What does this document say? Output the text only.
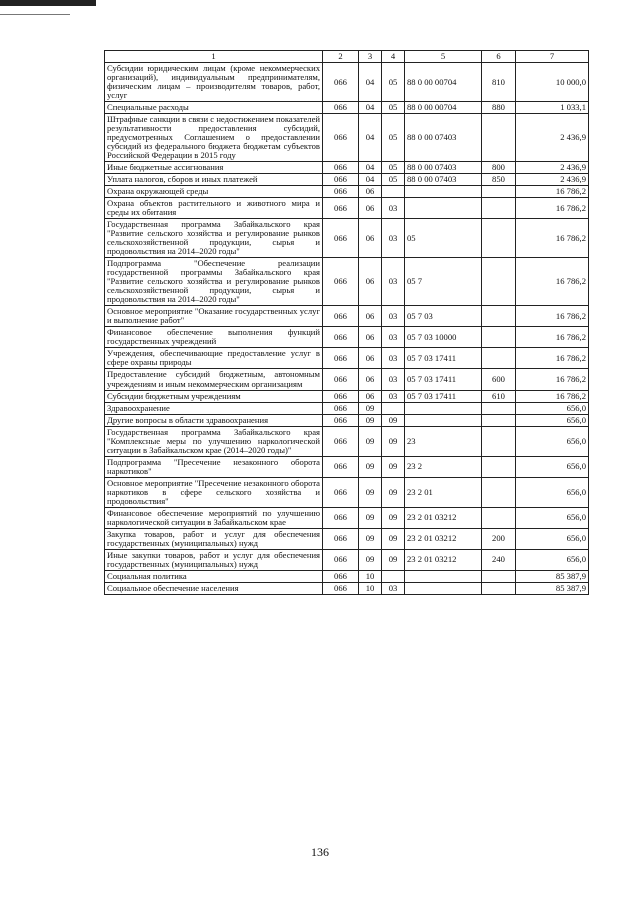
1	2	3	4	5	6	7
Субсидии юридическим лицам (кроме некоммерческих организаций), индивидуальным предпринимателям, физическим лицам – производителям товаров, работ, услуг	066	04	05	88 0 00 00704	810	10 000,0
Специальные расходы	066	04	05	88 0 00 00704	880	1 033,1
Штрафные санкции в связи с недостижением показателей результативности предоставления субсидий, предусмотренных Соглашением о предоставлении субсидий из федерального бюджета бюджетам субъектов Российской Федерации в 2015 году	066	04	05	88 0 00 07403		2 436,9
Иные бюджетные ассигнования	066	04	05	88 0 00 07403	800	2 436,9
Уплата налогов, сборов и иных платежей	066	04	05	88 0 00 07403	850	2 436,9
Охрана окружающей среды	066	06				16 786,2
Охрана объектов растительного и животного мира и среды их обитания	066	06	03			16 786,2
Государственная программа Забайкальского края "Развитие сельского хозяйства и регулирование рынков сельскохозяйственной продукции, сырья и продовольствия на 2014–2020 годы"	066	06	03	05		16 786,2
Подпрограмма "Обеспечение реализации государственной программы Забайкальского края "Развитие сельского хозяйства и регулирование рынков сельскохозяйственной продукции, сырья и продовольствия на 2014–2020 годы"	066	06	03	05 7		16 786,2
Основное мероприятие "Оказание государственных услуг и выполнение работ"	066	06	03	05 7 03		16 786,2
Финансовое обеспечение выполнения функций государственных учреждений	066	06	03	05 7 03 10000		16 786,2
Учреждения, обеспечивающие предоставление услуг в сфере охраны природы	066	06	03	05 7 03 17411		16 786,2
Предоставление субсидий бюджетным, автономным учреждениям и иным некоммерческим организациям	066	06	03	05 7 03 17411	600	16 786,2
Субсидии бюджетным учреждениям	066	06	03	05 7 03 17411	610	16 786,2
Здравоохранение	066	09				656,0
Другие вопросы в области здравоохранения	066	09	09			656,0
Государственная программа Забайкальского края "Комплексные меры по улучшению наркологической ситуации в Забайкальском крае (2014–2020 годы)"	066	09	09	23		656,0
Подпрограмма "Пресечение незаконного оборота наркотиков"	066	09	09	23 2		656,0
Основное мероприятие "Пресечение незаконного оборота наркотиков в сфере сельского хозяйства и продовольствия"	066	09	09	23 2 01		656,0
Финансовое обеспечение мероприятий по улучшению наркологической ситуации в Забайкальском крае	066	09	09	23 2 01 03212		656,0
Закупка товаров, работ и услуг для обеспечения государственных (муниципальных) нужд	066	09	09	23 2 01 03212	200	656,0
Иные закупки товаров, работ и услуг для обеспечения государственных (муниципальных) нужд	066	09	09	23 2 01 03212	240	656,0
Социальная политика	066	10				85 387,9
Социальное обеспечение населения	066	10	03			85 387,9
136
